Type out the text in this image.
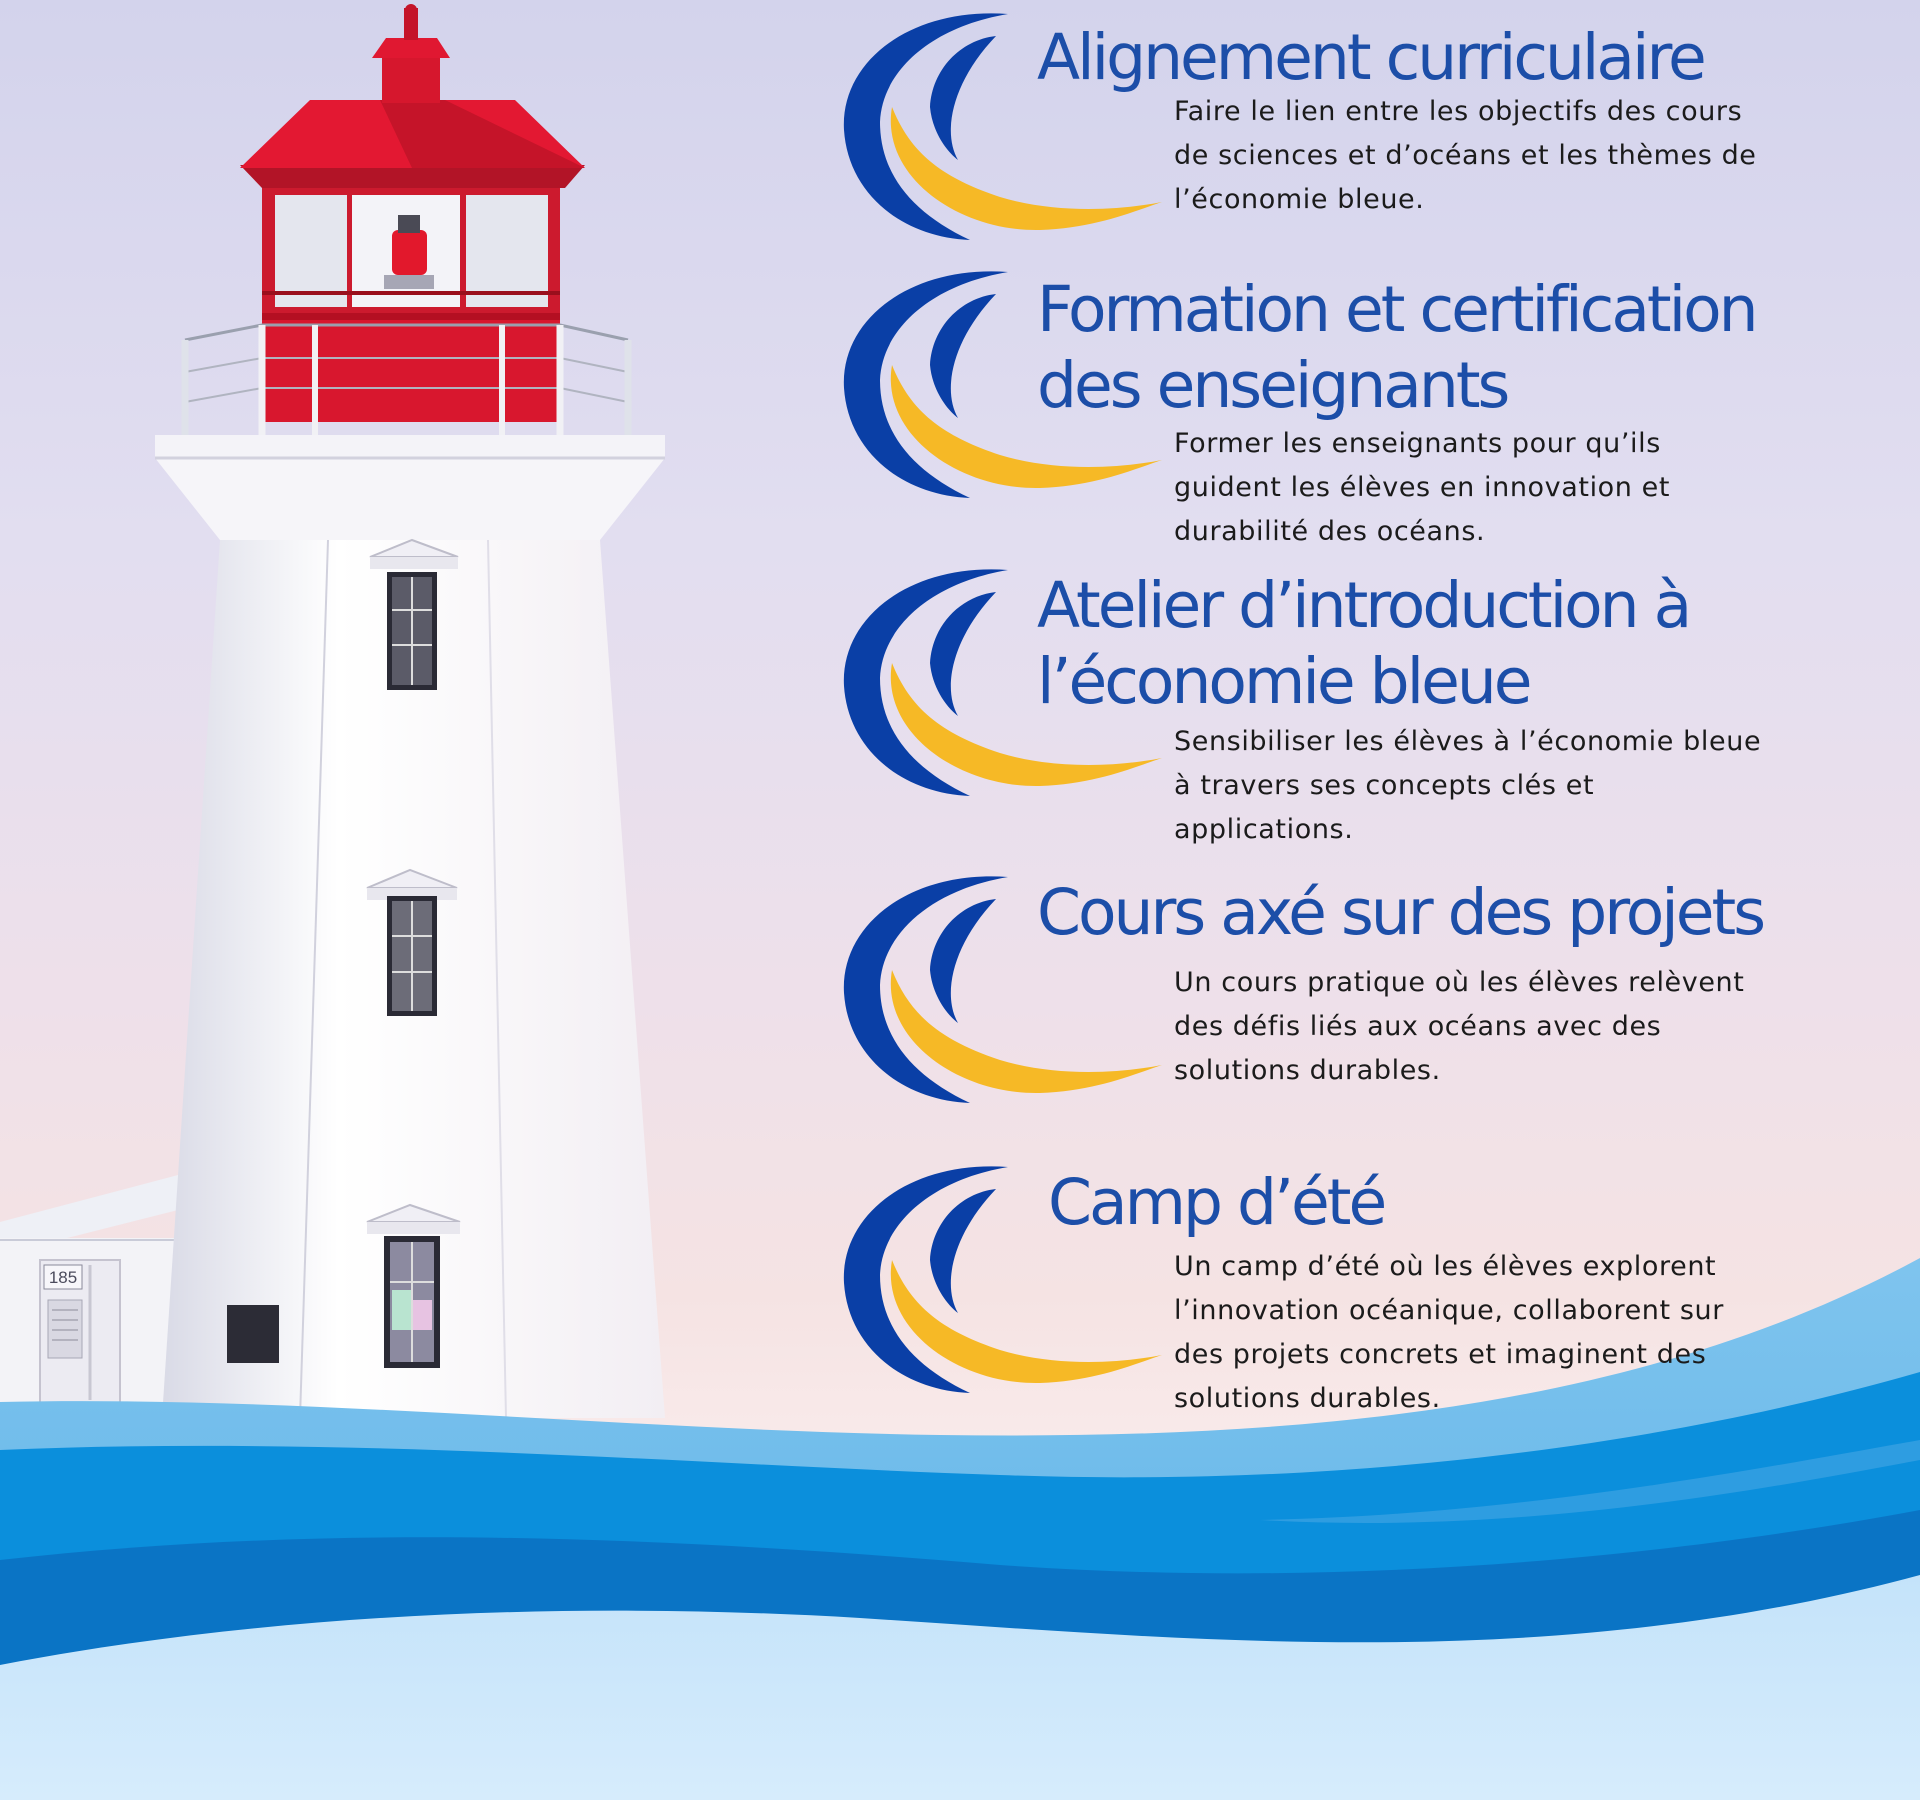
185
Alignement curriculaire
Faire le lien entre les objectifs des cours
de sciences et d’océans et les thèmes de
l’économie bleue.
Formation et certification
des enseignants
Former les enseignants pour qu’ils
guident les élèves en innovation et
durabilité des océans.
Atelier d’introduction à
l’économie bleue
Sensibiliser les élèves à l’économie bleue
à travers ses concepts clés et
applications.
Cours axé sur des projets
Un cours pratique où les élèves relèvent
des défis liés aux océans avec des
solutions durables.
Camp d’été
Un camp d’été où les élèves explorent
l’innovation océanique, collaborent sur
des projets concrets et imaginent des
solutions durables.
